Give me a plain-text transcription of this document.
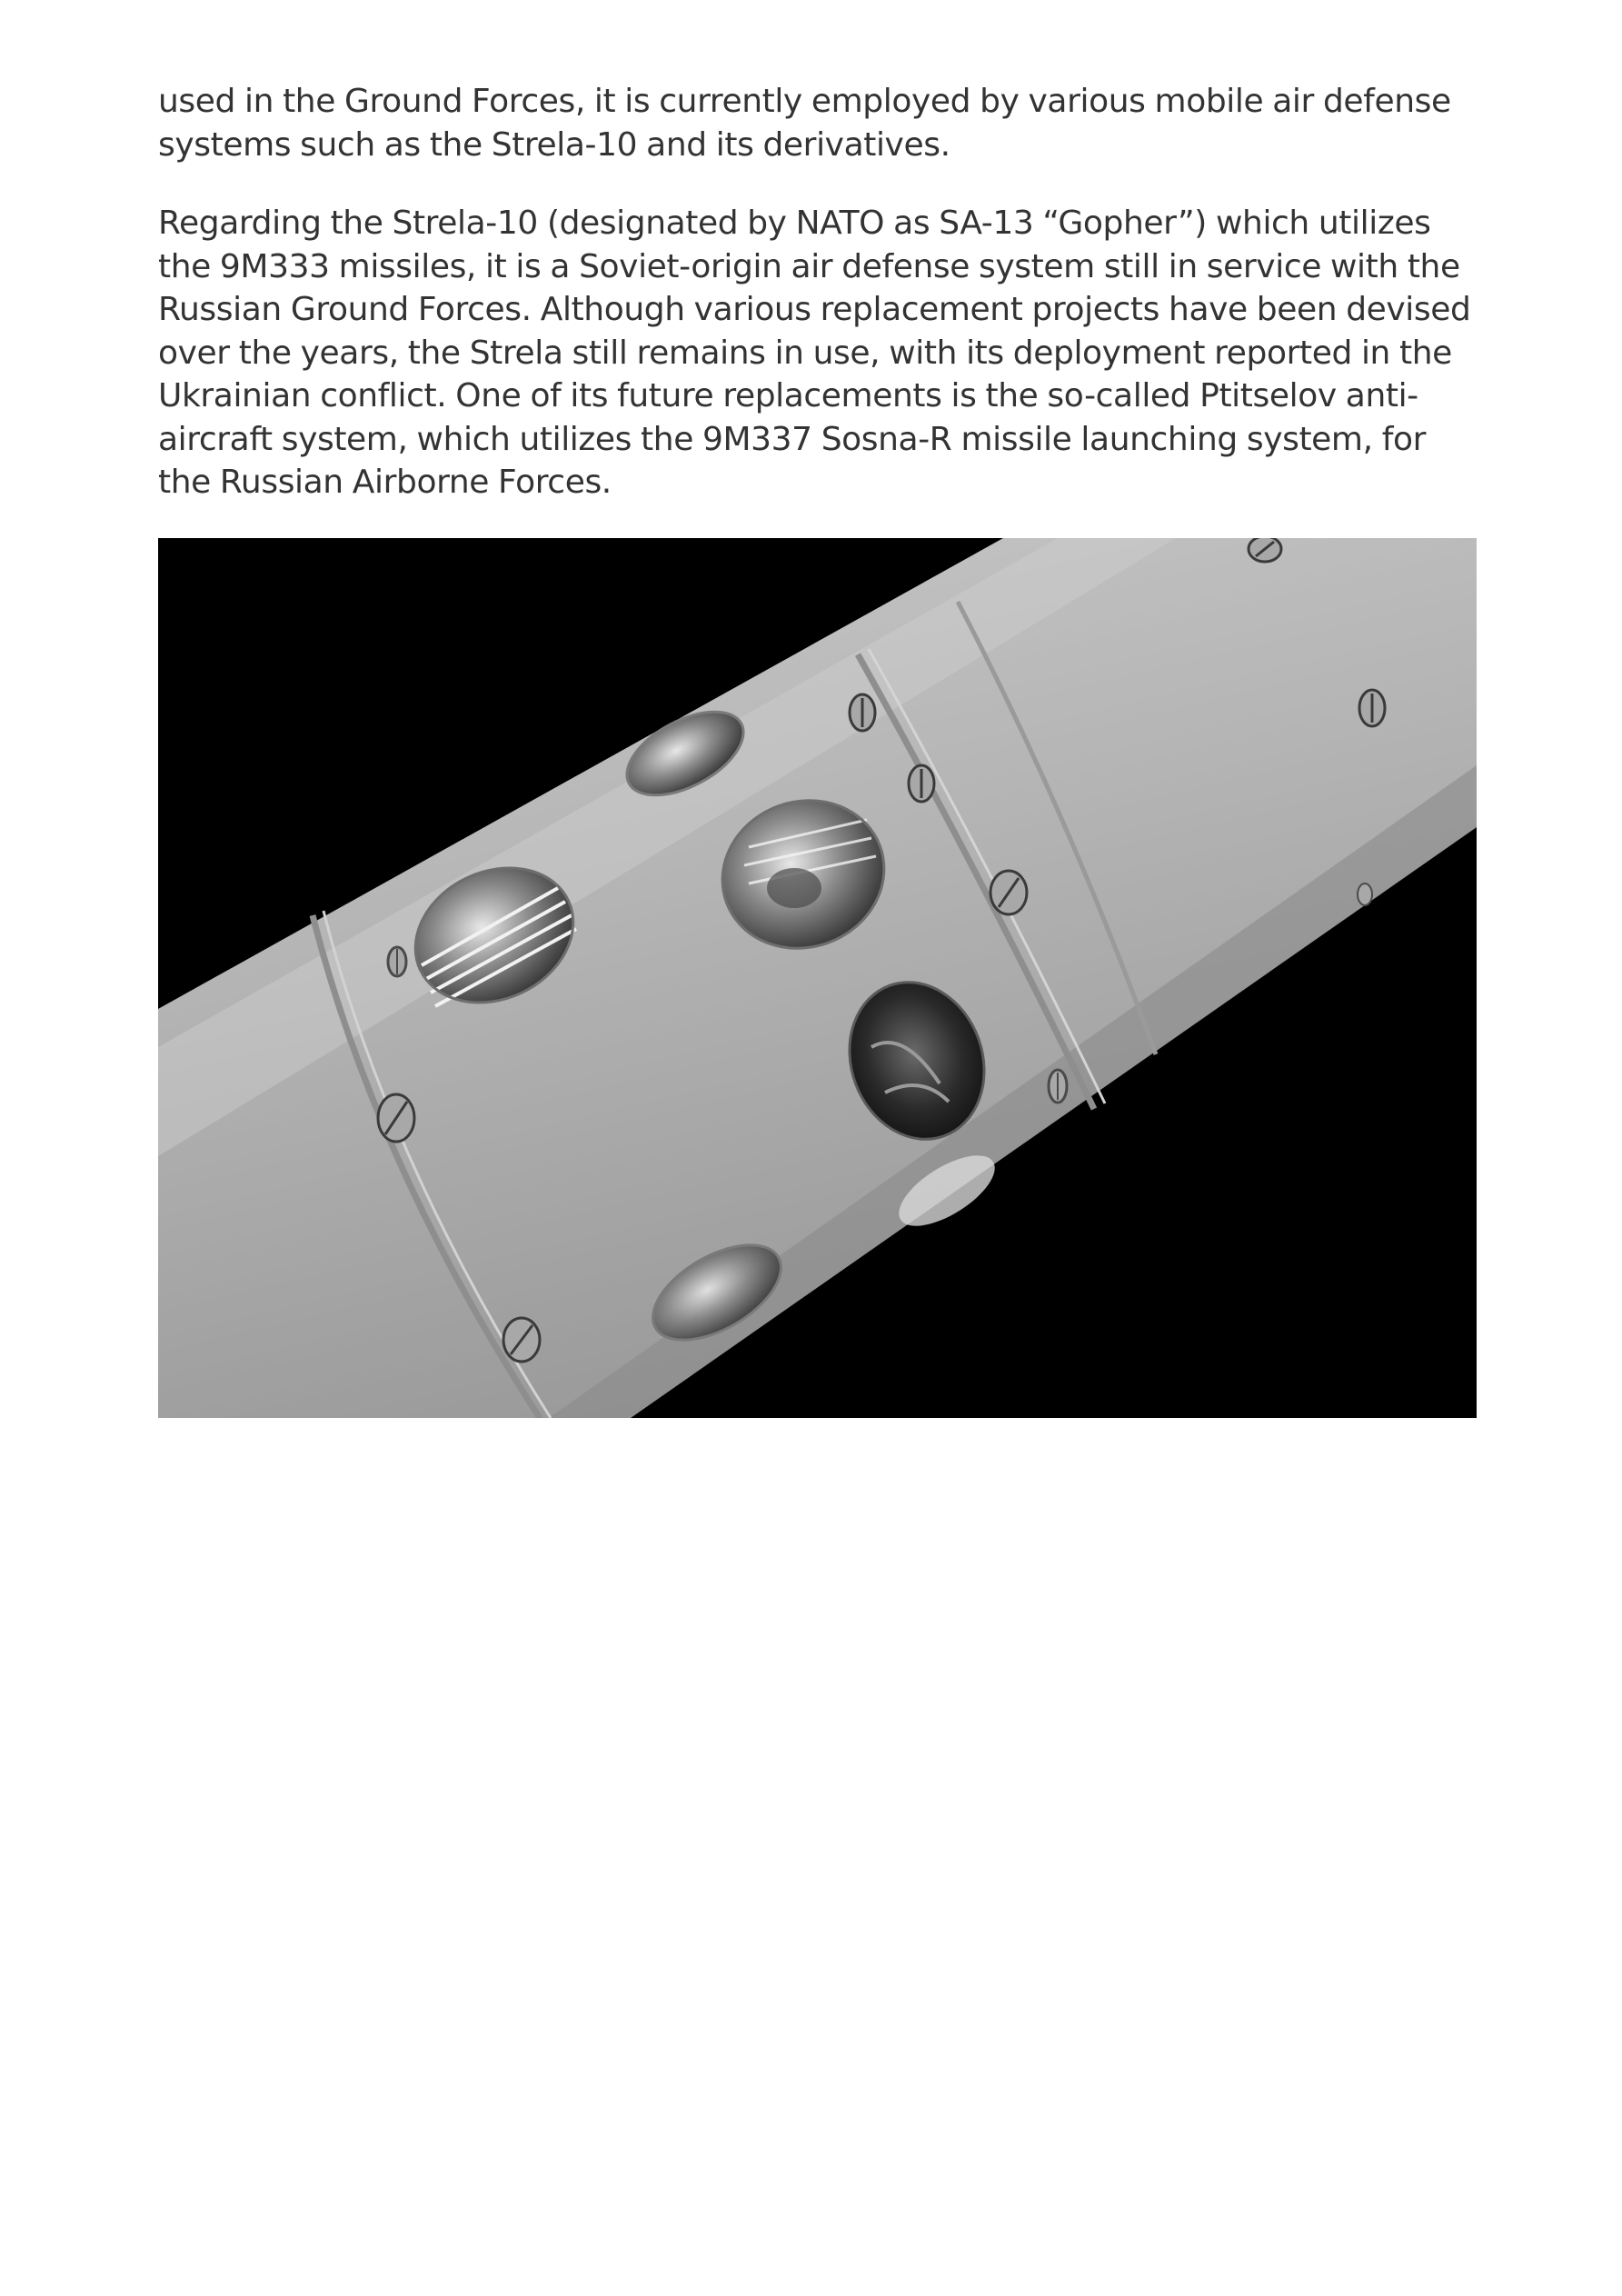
used in the Ground Forces, it is currently employed by various mobile air defense systems such as the Strela-10 and its derivatives.

Regarding the Strela-10 (designated by NATO as SA-13 “Gopher”) which utilizes the 9M333 missiles, it is a Soviet-origin air defense system still in service with the Russian Ground Forces. Although various replacement projects have been devised over the years, the Strela still remains in use, with its deployment reported in the Ukrainian conflict. One of its future replacements is the so-called Ptitselov anti-aircraft system, which utilizes the 9M337 Sosna-R missile launching system, for the Russian Airborne Forces.
